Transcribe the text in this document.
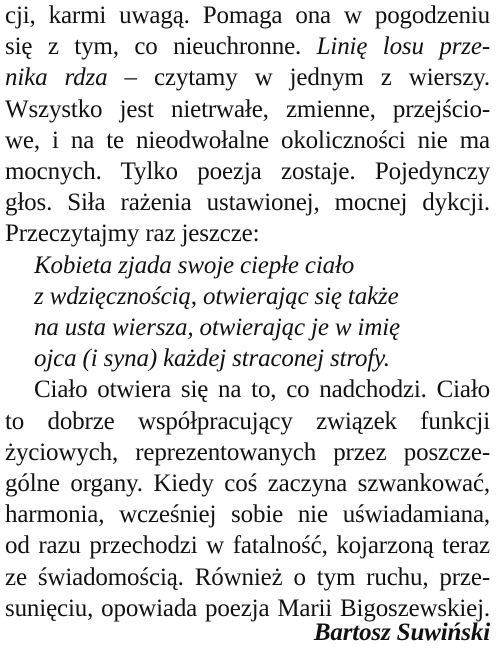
cji, karmi uwagą. Pomaga ona w pogodzeniu
się z tym, co nieuchronne. Linię losu prze-
nika rdza – czytamy w jednym z wierszy.
Wszystko jest nietrwałe, zmienne, przejścio-
we, i na te nieodwołalne okoliczności nie ma
mocnych. Tylko poezja zostaje. Pojedynczy
głos. Siła rażenia ustawionej, mocnej dykcji.
Przeczytajmy raz jeszcze:
Kobieta zjada swoje ciepłe ciało
z wdzięcznością, otwierając się także
na usta wiersza, otwierając je w imię
ojca (i syna) każdej straconej strofy.
Ciało otwiera się na to, co nadchodzi. Ciało
to dobrze współpracujący związek funkcji
życiowych, reprezentowanych przez poszcze-
gólne organy. Kiedy coś zaczyna szwankować,
harmonia, wcześniej sobie nie uświadamiana,
od razu przechodzi w fatalność, kojarzoną teraz
ze świadomością. Również o tym ruchu, prze-
sunięciu, opowiada poezja Marii Bigoszewskiej.
Bartosz Suwiński
